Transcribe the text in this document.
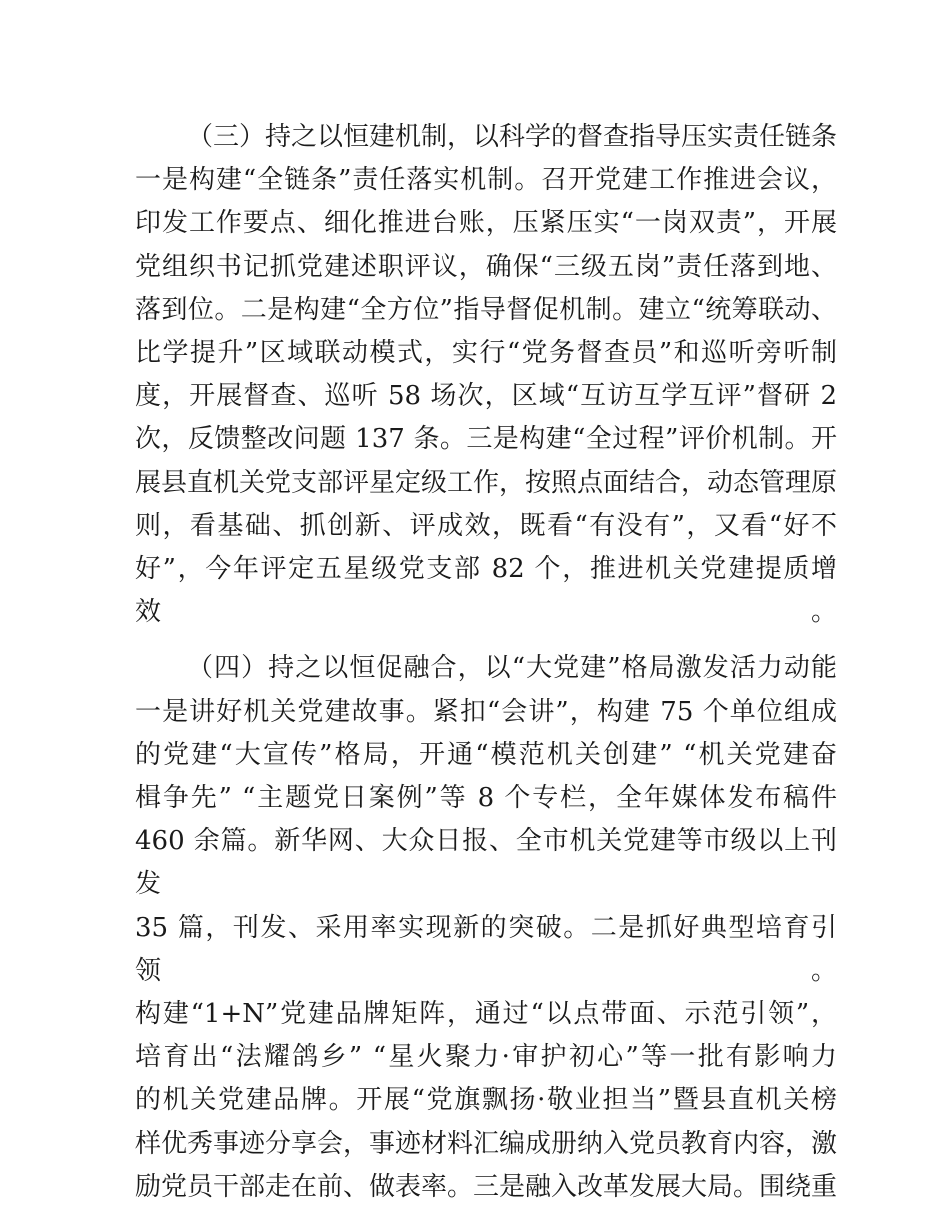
（三）持之以恒建机制，以科学的督查指导压实责任链条
一是构建“全链条”责任落实机制。召开党建工作推进会议，
印发工作要点、细化推进台账，压紧压实“一岗双责”，开展
党组织书记抓党建述职评议，确保“三级五岗”责任落到地、
落到位。二是构建“全方位”指导督促机制。建立“统筹联动、
比学提升”区域联动模式，实行“党务督查员”和巡听旁听制
度，开展督查、巡听 58 场次，区域“互访互学互评”督研 2
次，反馈整改问题 137 条。三是构建“全过程”评价机制。开
展县直机关党支部评星定级工作，按照点面结合，动态管理原
则，看基础、抓创新、评成效，既看“有没有”，又看“好不
好”，今年评定五星级党支部 82 个，推进机关党建提质增效。

（四）持之以恒促融合，以“大党建”格局激发活力动能
一是讲好机关党建故事。紧扣“会讲”，构建 75 个单位组成
的党建“大宣传”格局，开通“模范机关创建” “机关党建奋
楫争先” “主题党日案例”等 8 个专栏，全年媒体发布稿件
460 余篇。新华网、大众日报、全市机关党建等市级以上刊发
35 篇，刊发、采用率实现新的突破。二是抓好典型培育引领。
构建“1+N”党建品牌矩阵，通过“以点带面、示范引领”，
培育出“法耀鸽乡” “星火聚力·审护初心”等一批有影响力
的机关党建品牌。开展“党旗飘扬·敬业担当”暨县直机关榜
样优秀事迹分享会，事迹材料汇编成册纳入党员教育内容，激
励党员干部走在前、做表率。三是融入改革发展大局。围绕重
